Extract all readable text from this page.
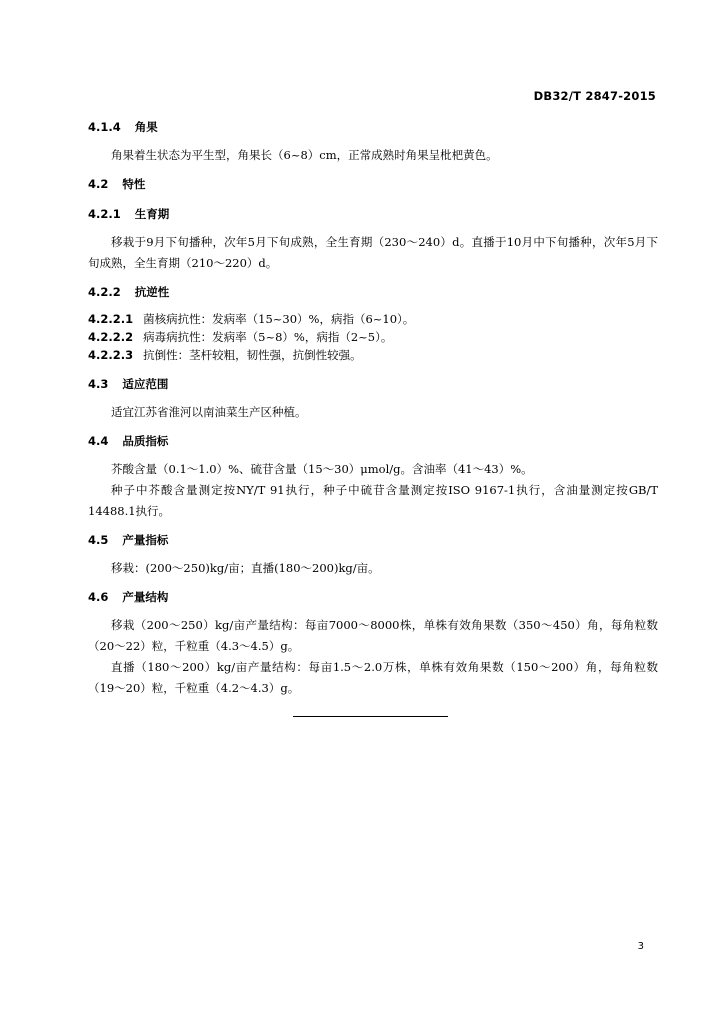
DB32/T 2847-2015
4.1.4 角果

角果着生状态为平生型，角果长（6~8）cm，正常成熟时角果呈枇杷黄色。

4.2 特性
4.2.1 生育期

移栽于9月下旬播种，次年5月下旬成熟，全生育期（230～240）d。直播于10月中下旬播种，次年5月下旬成熟，全生育期（210～220）d。

4.2.2 抗逆性
4.2.2.1 菌核病抗性：发病率（15~30）%，病指（6~10）。
4.2.2.2 病毒病抗性：发病率（5~8）%，病指（2~5）。
4.2.2.3 抗倒性：茎杆较粗，韧性强，抗倒性较强。
4.3 适应范围

适宜江苏省淮河以南油菜生产区种植。

4.4 品质指标

芥酸含量（0.1～1.0）%、硫苷含量（15～30）μmol/g。含油率（41～43）%。

种子中芥酸含量测定按NY/T 91执行，种子中硫苷含量测定按ISO 9167-1执行，含油量测定按GB/T 14488.1执行。

4.5 产量指标

移栽：(200～250)kg/亩；直播(180～200)kg/亩。

4.6 产量结构

移栽（200～250）kg/亩产量结构：每亩7000～8000株，单株有效角果数（350～450）角，每角粒数（20～22）粒，千粒重（4.3～4.5）g。

直播（180～200）kg/亩产量结构：每亩1.5～2.0万株，单株有效角果数（150～200）角，每角粒数（19～20）粒，千粒重（4.2～4.3）g。

3
